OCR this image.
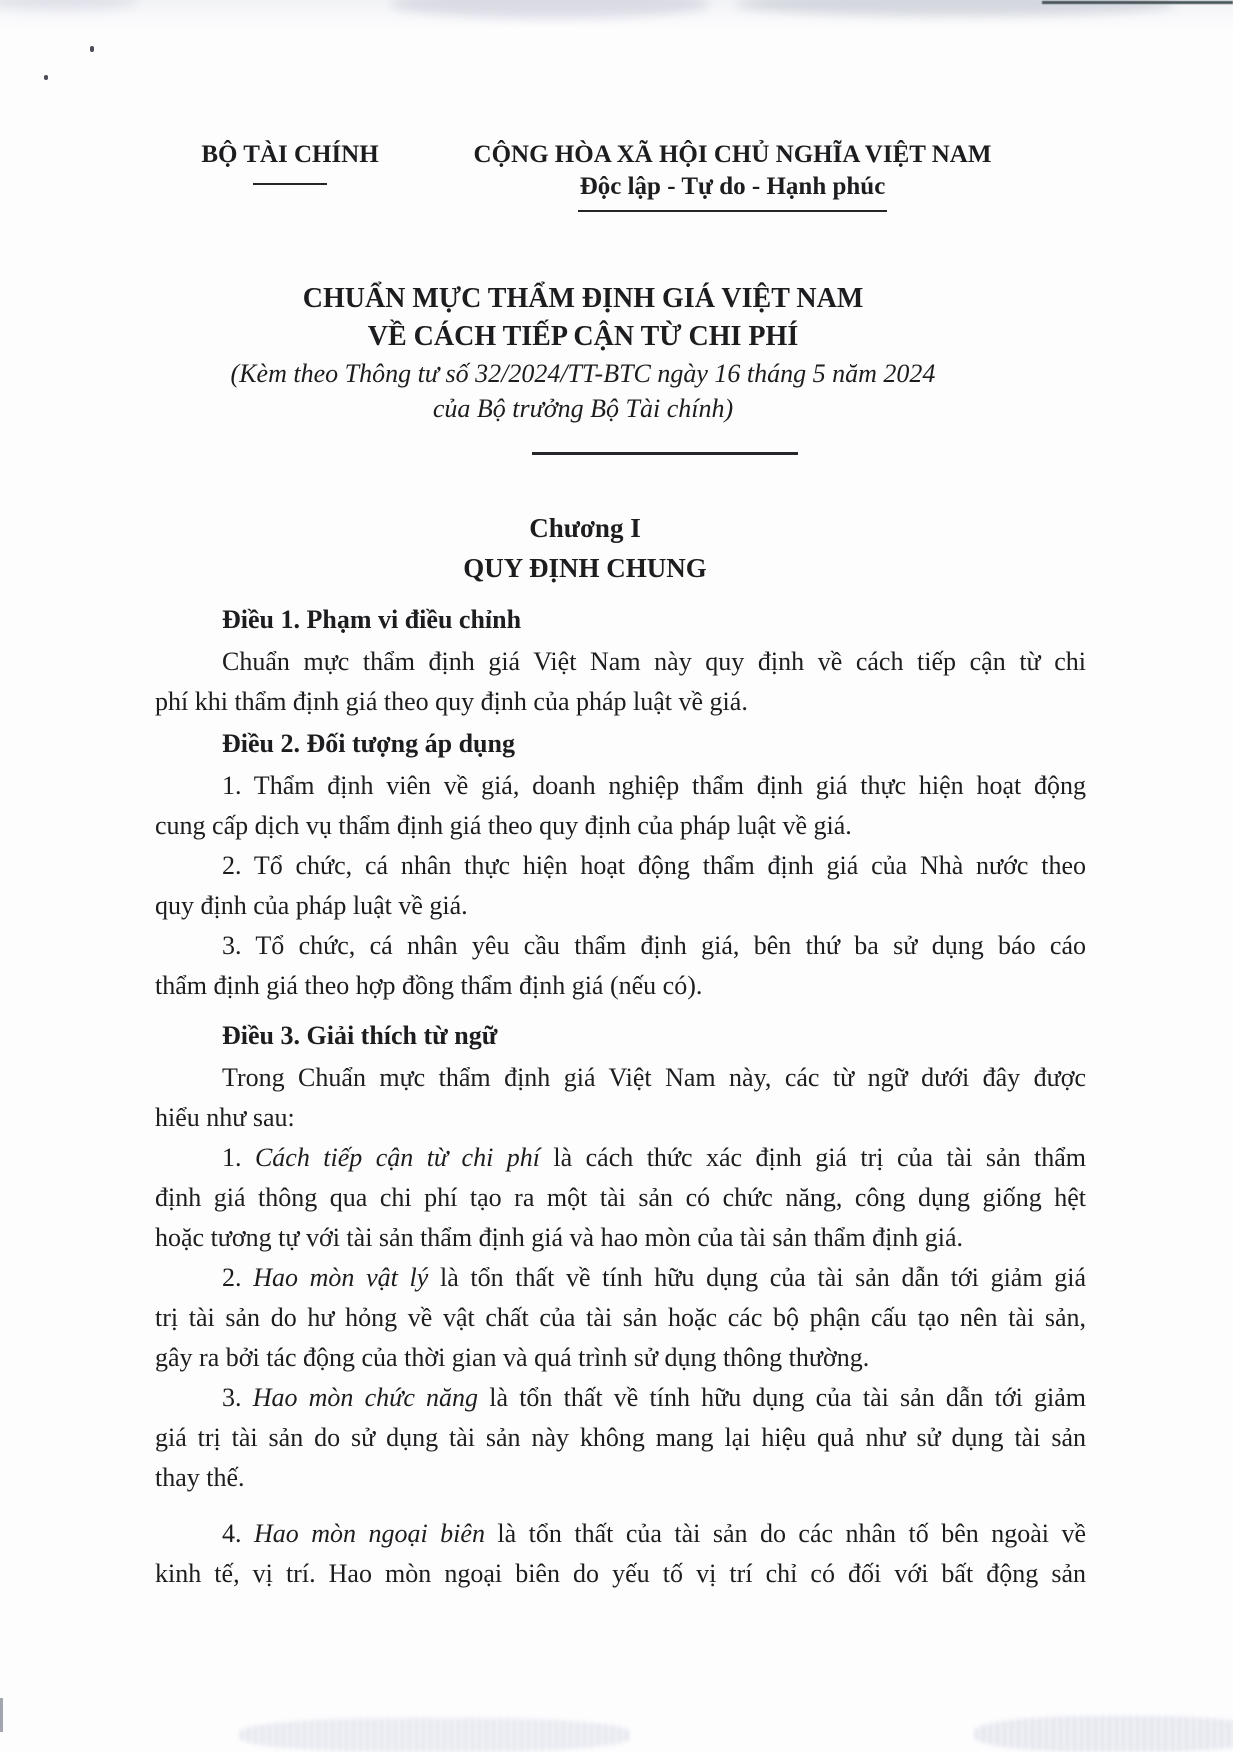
BỘ TÀI CHÍNH	CỘNG HÒA XÃ HỘI CHỦ NGHĨA VIỆT NAM
Độc lập - Tự do - Hạnh phúc
CHUẨN MỰC THẨM ĐỊNH GIÁ VIỆT NAM
VỀ CÁCH TIẾP CẬN TỪ CHI PHÍ
(Kèm theo Thông tư số 32/2024/TT-BTC ngày 16 tháng 5 năm 2024
của Bộ trưởng Bộ Tài chính)
Chương I
QUY ĐỊNH CHUNG
Điều 1. Phạm vi điều chỉnh
Chuẩn mực thẩm định giá Việt Nam này quy định về cách tiếp cận từ chi
phí khi thẩm định giá theo quy định của pháp luật về giá.
Điều 2. Đối tượng áp dụng
1. Thẩm định viên về giá, doanh nghiệp thẩm định giá thực hiện hoạt động
cung cấp dịch vụ thẩm định giá theo quy định của pháp luật về giá.
2. Tổ chức, cá nhân thực hiện hoạt động thẩm định giá của Nhà nước theo
quy định của pháp luật về giá.
3. Tổ chức, cá nhân yêu cầu thẩm định giá, bên thứ ba sử dụng báo cáo
thẩm định giá theo hợp đồng thẩm định giá (nếu có).
Điều 3. Giải thích từ ngữ
Trong Chuẩn mực thẩm định giá Việt Nam này, các từ ngữ dưới đây được
hiểu như sau:
1. Cách tiếp cận từ chi phí là cách thức xác định giá trị của tài sản thẩm
định giá thông qua chi phí tạo ra một tài sản có chức năng, công dụng giống hệt
hoặc tương tự với tài sản thẩm định giá và hao mòn của tài sản thẩm định giá.
2. Hao mòn vật lý là tổn thất về tính hữu dụng của tài sản dẫn tới giảm giá
trị tài sản do hư hỏng về vật chất của tài sản hoặc các bộ phận cấu tạo nên tài sản,
gây ra bởi tác động của thời gian và quá trình sử dụng thông thường.
3. Hao mòn chức năng là tổn thất về tính hữu dụng của tài sản dẫn tới giảm
giá trị tài sản do sử dụng tài sản này không mang lại hiệu quả như sử dụng tài sản
thay thế.
4. Hao mòn ngoại biên là tổn thất của tài sản do các nhân tố bên ngoài về
kinh tế, vị trí. Hao mòn ngoại biên do yếu tố vị trí chỉ có đối với bất động sản
